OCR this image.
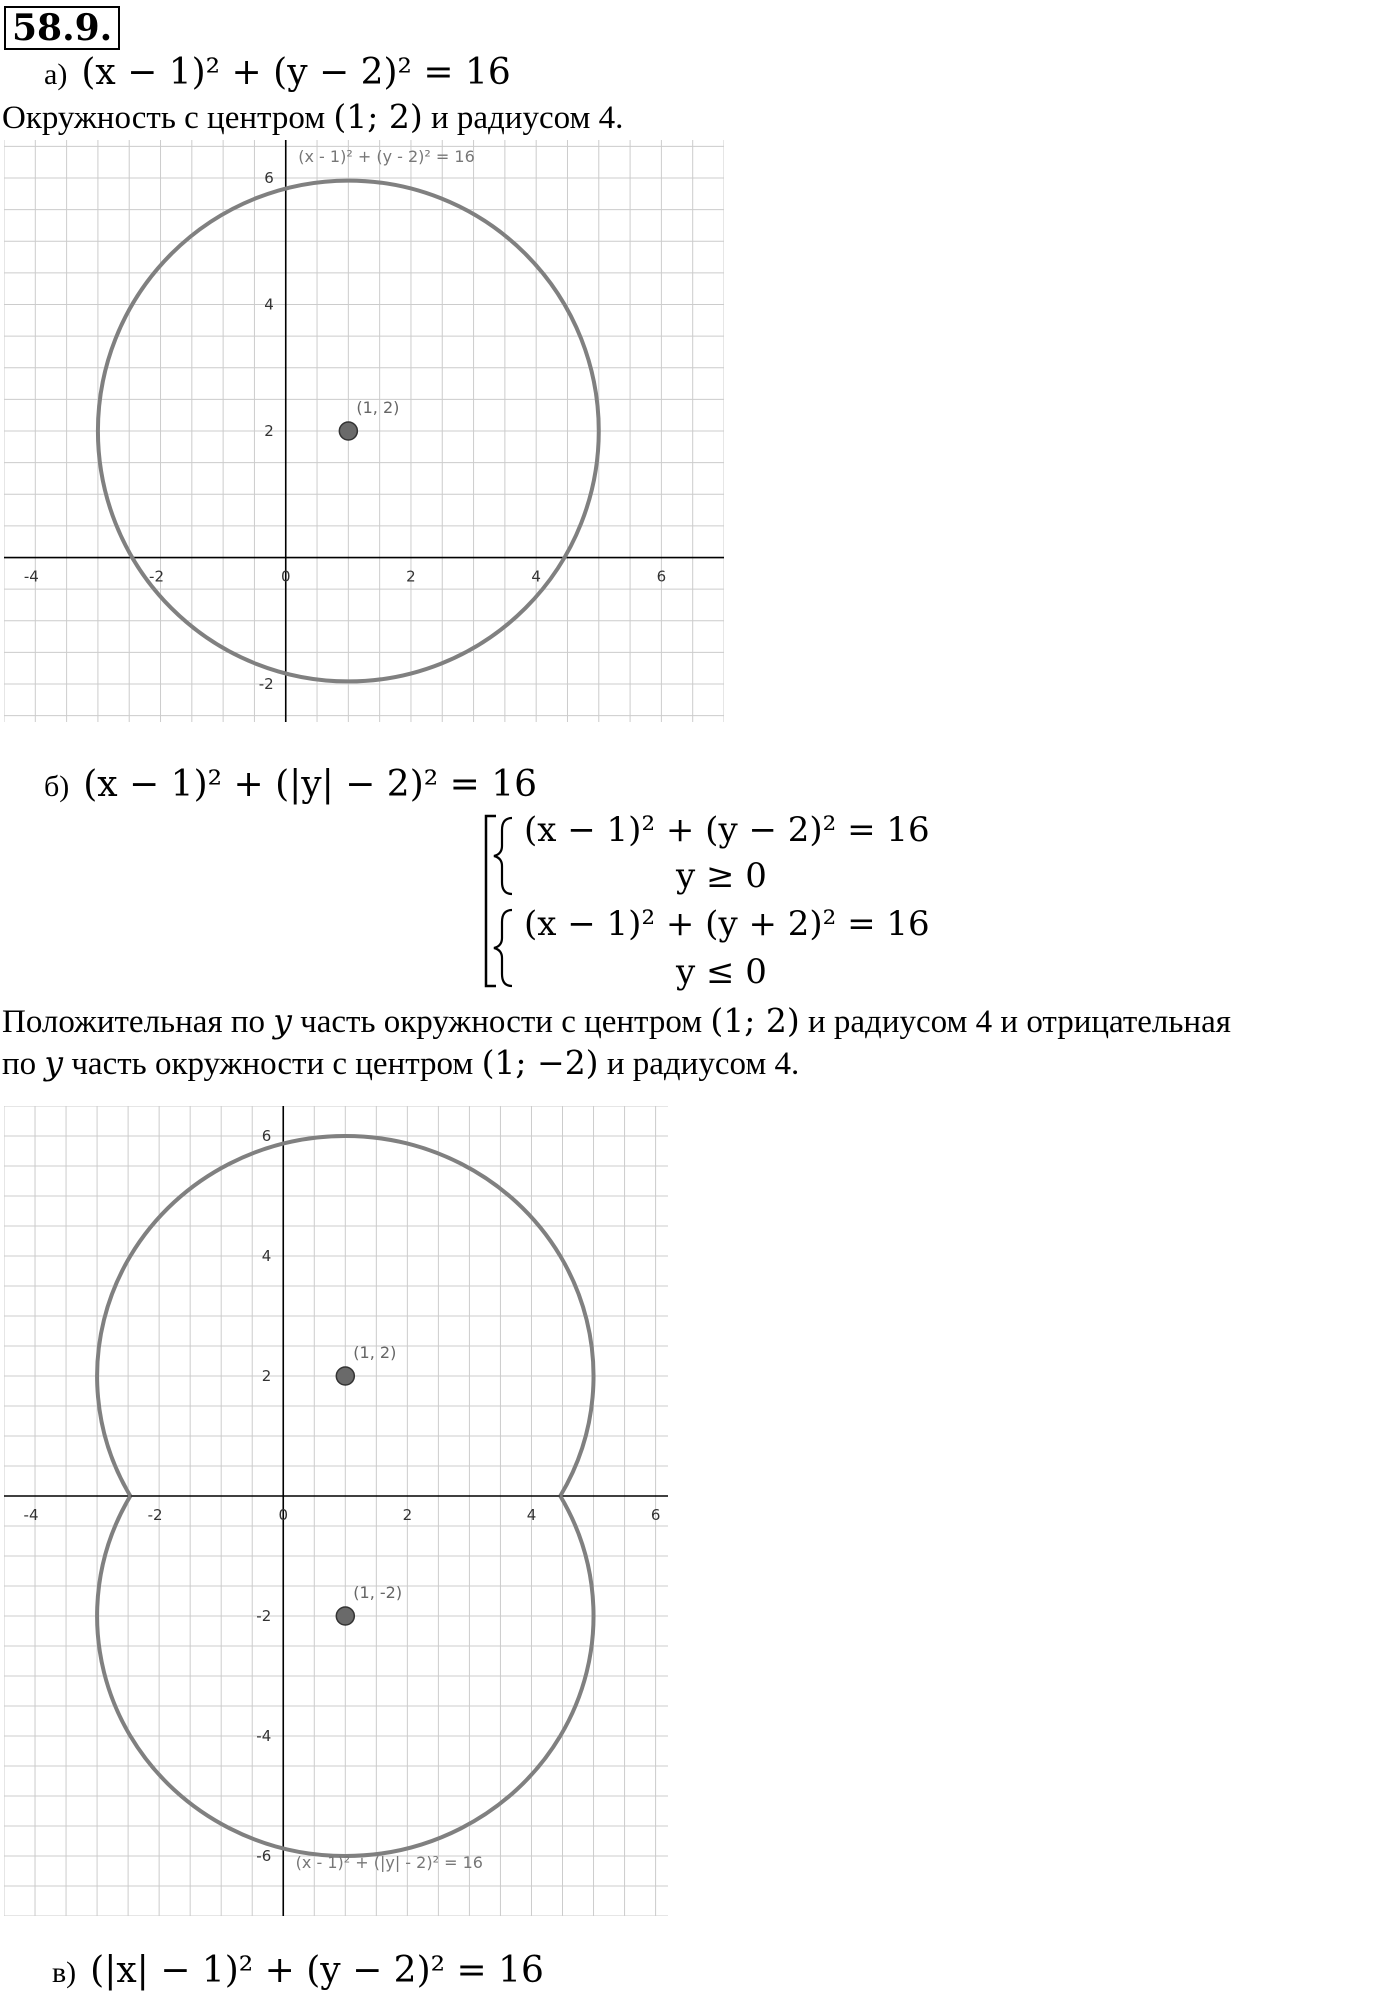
58.9.
а) (x − 1)² + (y − 2)² = 16
Окружность с центром (1; 2) и радиусом 4.
-4	-2	0	2	4	6
-2
2
4
6
(1, 2)
(x - 1)² + (y - 2)² = 16
б) (x − 1)² + (|y| − 2)² = 16
(x − 1)² + (y − 2)² = 16
y ≥ 0
(x − 1)² + (y + 2)² = 16
y ≤ 0
Положительная по y часть окружности с центром (1; 2) и радиусом 4 и отрицательная
по y часть окружности с центром (1; −2) и радиусом 4.
-4	-2	0	2	4	6
-6
-4
-2
2
4
6
(1, 2)
(1, -2)
(x - 1)² + (|y| - 2)² = 16
в) (|x| − 1)² + (y − 2)² = 16
